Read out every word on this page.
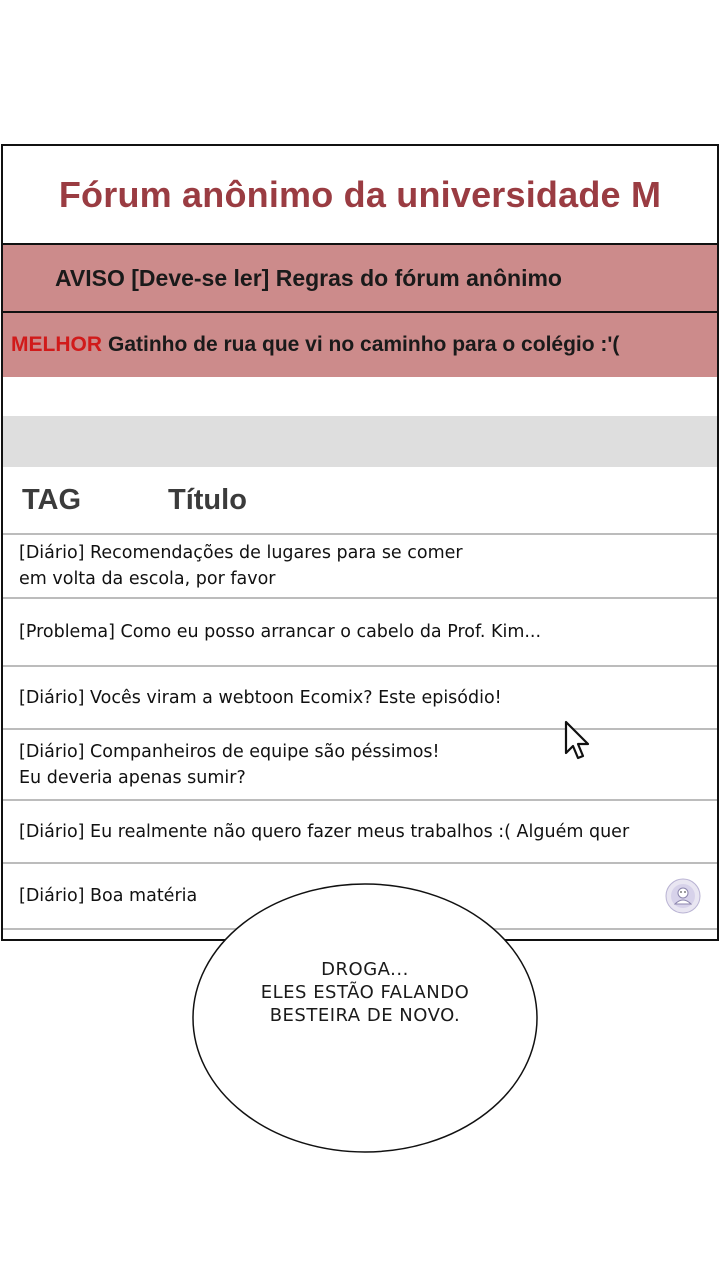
Fórum anônimo da universidade M
AVISO [Deve-se ler] Regras do fórum anônimo
MELHOR Gatinho de rua que vi no caminho para o colégio :'(
TAG	Título
[Diário] Recomendações de lugares para se comer
em volta da escola, por favor
[Problema] Como eu posso arrancar o cabelo da Prof. Kim...
[Diário] Vocês viram a webtoon Ecomix? Este episódio!
[Diário] Companheiros de equipe são péssimos!
Eu deveria apenas sumir?
[Diário] Eu realmente não quero fazer meus trabalhos :( Alguém quer
[Diário] Boa matéria
DROGA...
ELES ESTÃO FALANDO
BESTEIRA DE NOVO.
